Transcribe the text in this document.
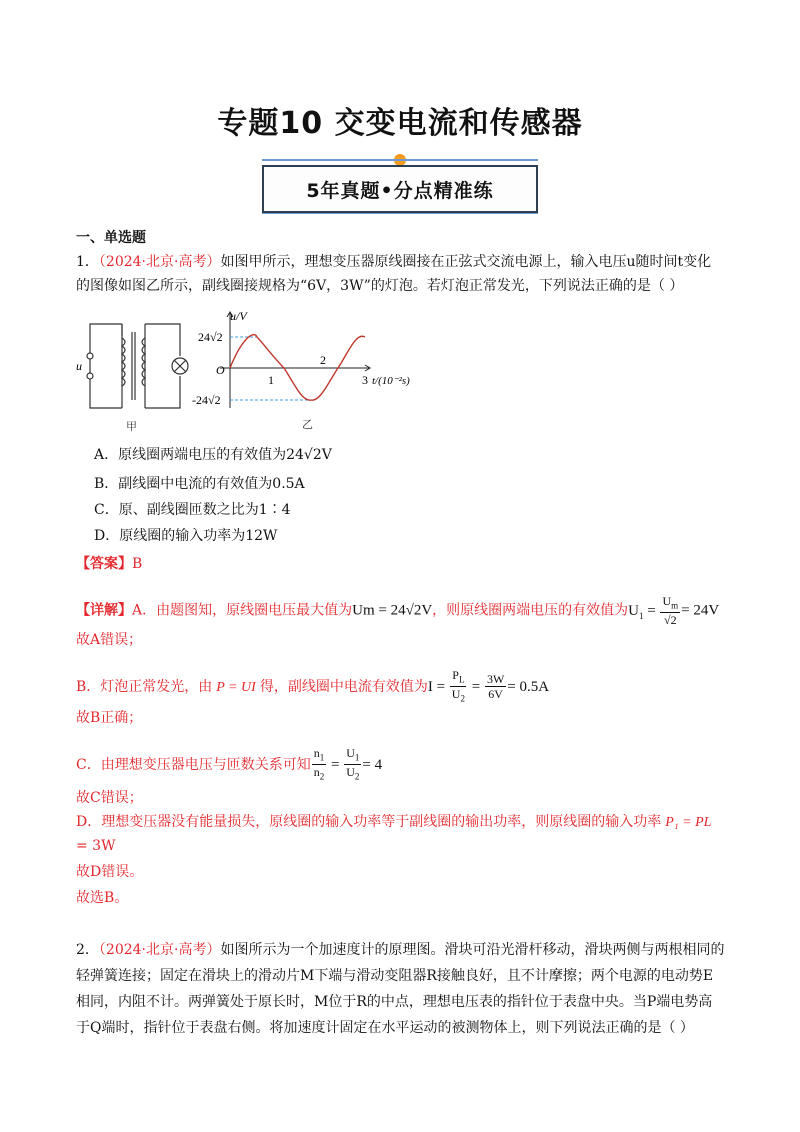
专题10 交变电流和传感器
5年真题•分点精准练
一、单选题
1．（2024·北京·高考）如图甲所示，理想变压器原线圈接在正弦式交流电源上，输入电压u随时间t变化
的图像如图乙所示，副线圈接规格为“6V，3W”的灯泡。若灯泡正常发光，下列说法正确的是（ ）
u
甲
u/V
24√2
O
-24√2
1
2
3 t/(10⁻²s)
乙
A．原线圈两端电压的有效值为24√2V
B．副线圈中电流的有效值为0.5A
C．原、副线圈匝数之比为1∶4
D．原线圈的输入功率为12W
【答案】B
【详解】A．由题图知，原线圈电压最大值为Um = 24√2V，则原线圈两端电压的有效值为$U_1 = \frac{U_m}{√2} = 24V$
故A错误；
B．灯泡正常发光，由 P = UI 得，副线圈中电流有效值为$I = \frac{P_L}{U_2} = \frac{3W}{6V} = 0.5A$
故B正确；
C．由理想变压器电压与匝数关系可知 $\frac{n_1}{n_2} = \frac{U_1}{U_2} = 4$
故C错误；
D．理想变压器没有能量损失，原线圈的输入功率等于副线圈的输出功率，则原线圈的输入功率 P₁ = PL
= 3W
故D错误。
故选B。
2．（2024·北京·高考）如图所示为一个加速度计的原理图。滑块可沿光滑杆移动，滑块两侧与两根相同的
轻弹簧连接；固定在滑块上的滑动片M下端与滑动变阻器R接触良好，且不计摩擦；两个电源的电动势E
相同，内阻不计。两弹簧处于原长时，M位于R的中点，理想电压表的指针位于表盘中央。当P端电势高
于Q端时，指针位于表盘右侧。将加速度计固定在水平运动的被测物体上，则下列说法正确的是（ ）
